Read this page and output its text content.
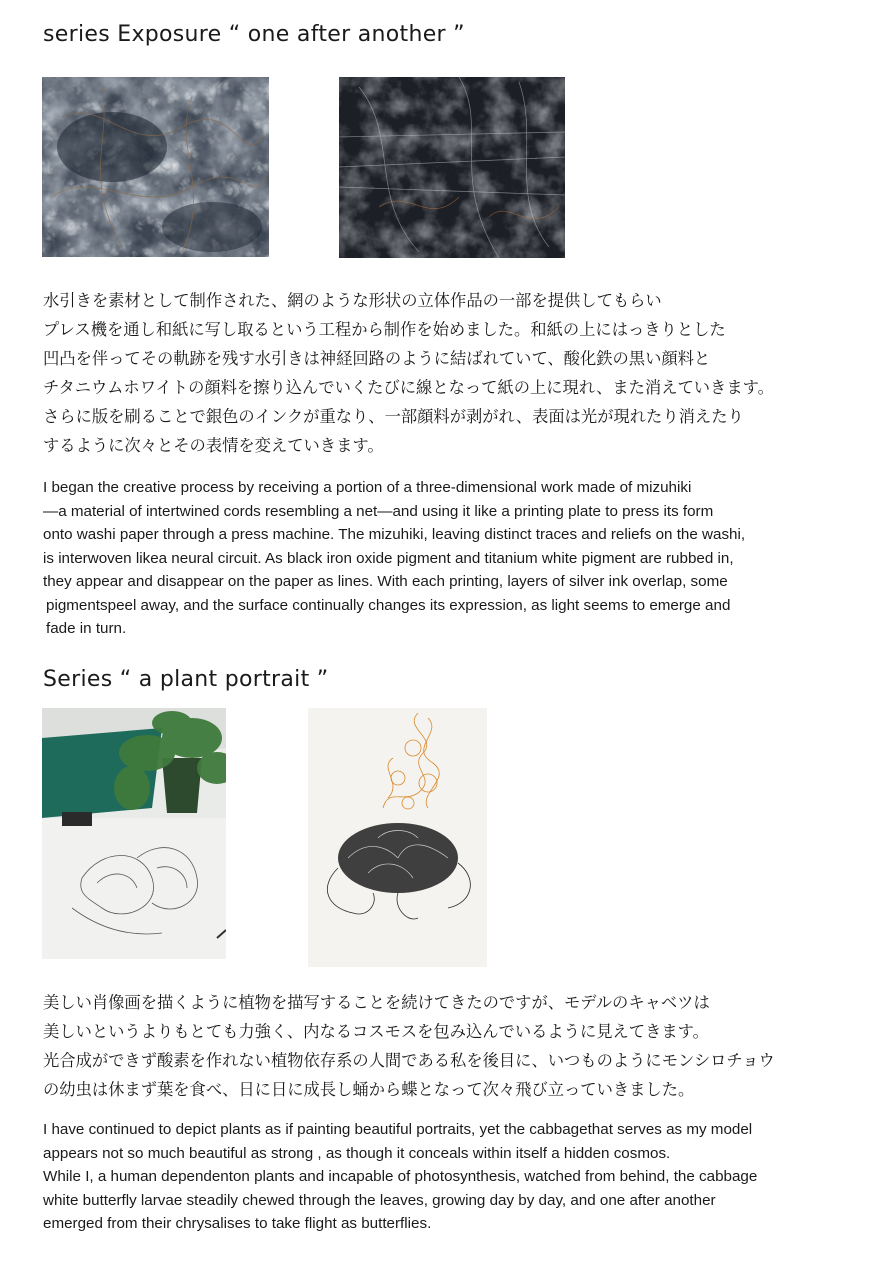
series Exposure “ one after another ”

水引きを素材として制作された、網のような形状の立体作品の一部を提供してもらい
プレス機を通し和紙に写し取るという工程から制作を始めました。和紙の上にはっきりとした
凹凸を伴ってその軌跡を残す水引きは神経回路のように結ばれていて、酸化鉄の黒い顔料と
チタニウムホワイトの顔料を擦り込んでいくたびに線となって紙の上に現れ、また消えていきます。
さらに版を刷ることで銀色のインクが重なり、一部顔料が剥がれ、表面は光が現れたり消えたり
するように次々とその表情を変えていきます。

I began the creative process by receiving a portion of a three-dimensional work made of mizuhiki
—a material of intertwined cords resembling a net—and using it like a printing plate to press its form
onto washi paper through a press machine. The mizuhiki, leaving distinct traces and reliefs on the washi,
is interwoven likea neural circuit. As black iron oxide pigment and titanium white pigment are rubbed in,
they appear and disappear on the paper as lines. With each printing, layers of silver ink overlap, some
pigmentspeel away, and the surface continually changes its expression, as light seems to emerge and
fade in turn.

Series “ a plant portrait ”

美しい肖像画を描くように植物を描写することを続けてきたのですが、モデルのキャベツは
美しいというよりもとても力強く、内なるコスモスを包み込んでいるように見えてきます。
光合成ができず酸素を作れない植物依存系の人間である私を後目に、いつものようにモンシロチョウ
の幼虫は休まず葉を食べ、日に日に成長し蛹から蝶となって次々飛び立っていきました。

I have continued to depict plants as if painting beautiful portraits, yet the cabbagethat serves as my model
appears not so much beautiful as strong , as though it conceals within itself a hidden cosmos.
While I, a human dependenton plants and incapable of photosynthesis, watched from behind, the cabbage
white butterfly larvae steadily chewed through the leaves, growing day by day, and one after another
emerged from their chrysalises to take flight as butterflies.
